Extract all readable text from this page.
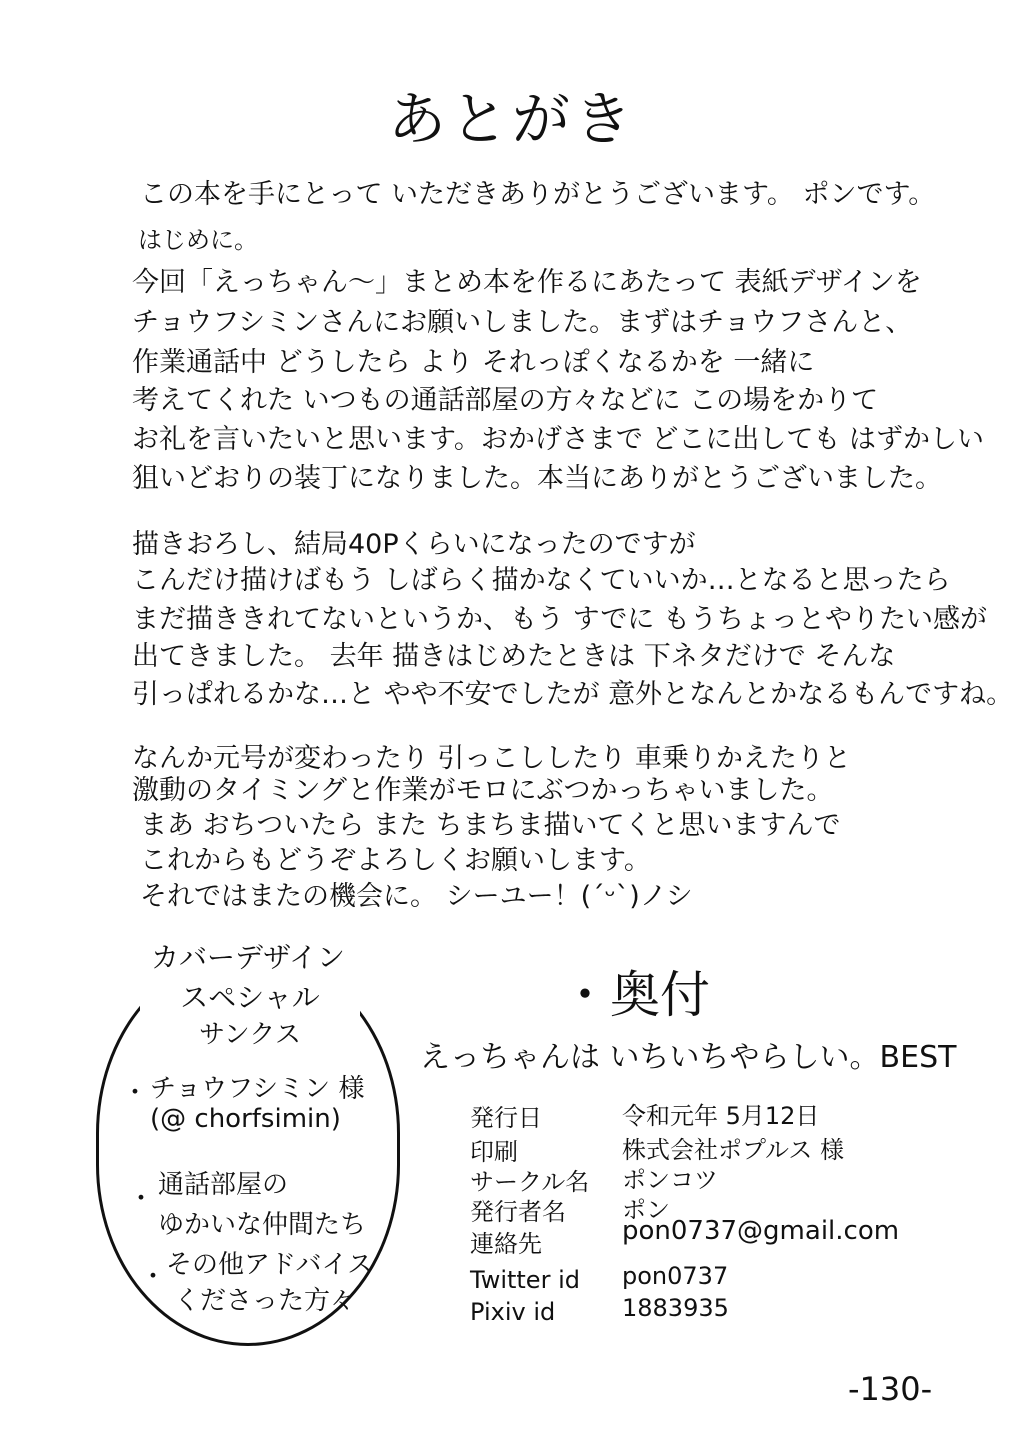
あとがき
この本を手にとって いただきありがとうございます。 ポンです。
はじめに。
今回「えっちゃん〜」まとめ本を作るにあたって 表紙デザインを
チョウフシミンさんにお願いしました。まずはチョウフさんと、
作業通話中 どうしたら より それっぽくなるかを 一緒に
考えてくれた いつもの通話部屋の方々などに この場をかりて
お礼を言いたいと思います。おかげさまで どこに出しても はずかしい
狙いどおりの装丁になりました。本当にありがとうございました。
描きおろし、結局40Pくらいになったのですが
こんだけ描けばもう しばらく描かなくていいか…となると思ったら
まだ描ききれてないというか、もう すでに もうちょっとやりたい感が
出てきました。 去年 描きはじめたときは 下ネタだけで そんな
引っぱれるかな…と やや不安でしたが 意外となんとかなるもんですね。
なんか元号が変わったり 引っこししたり 車乗りかえたりと
激動のタイミングと作業がモロにぶつかっちゃいました。
まあ おちついたら また ちまちま描いてくと思いますんで
これからもどうぞよろしくお願いします。
それではまたの機会に。 シーユー！(ˊᵕˋ)ノシ
カバーデザイン
スペシャル
サンクス
・ チョウフシミン 様
(@ chorfsimin)
・ 通話部屋の
ゆかいな仲間たち
・ その他アドバイス
くださった方々
・奥付
えっちゃんは いちいちやらしい。BEST
発行日	令和元年 5月12日
印刷	株式会社ポプルス 様
サークル名 ポンコツ
発行者名 ポン
連絡先	pon0737@gmail.com
Twitter id pon0737
Pixiv id	1883935
-130-
